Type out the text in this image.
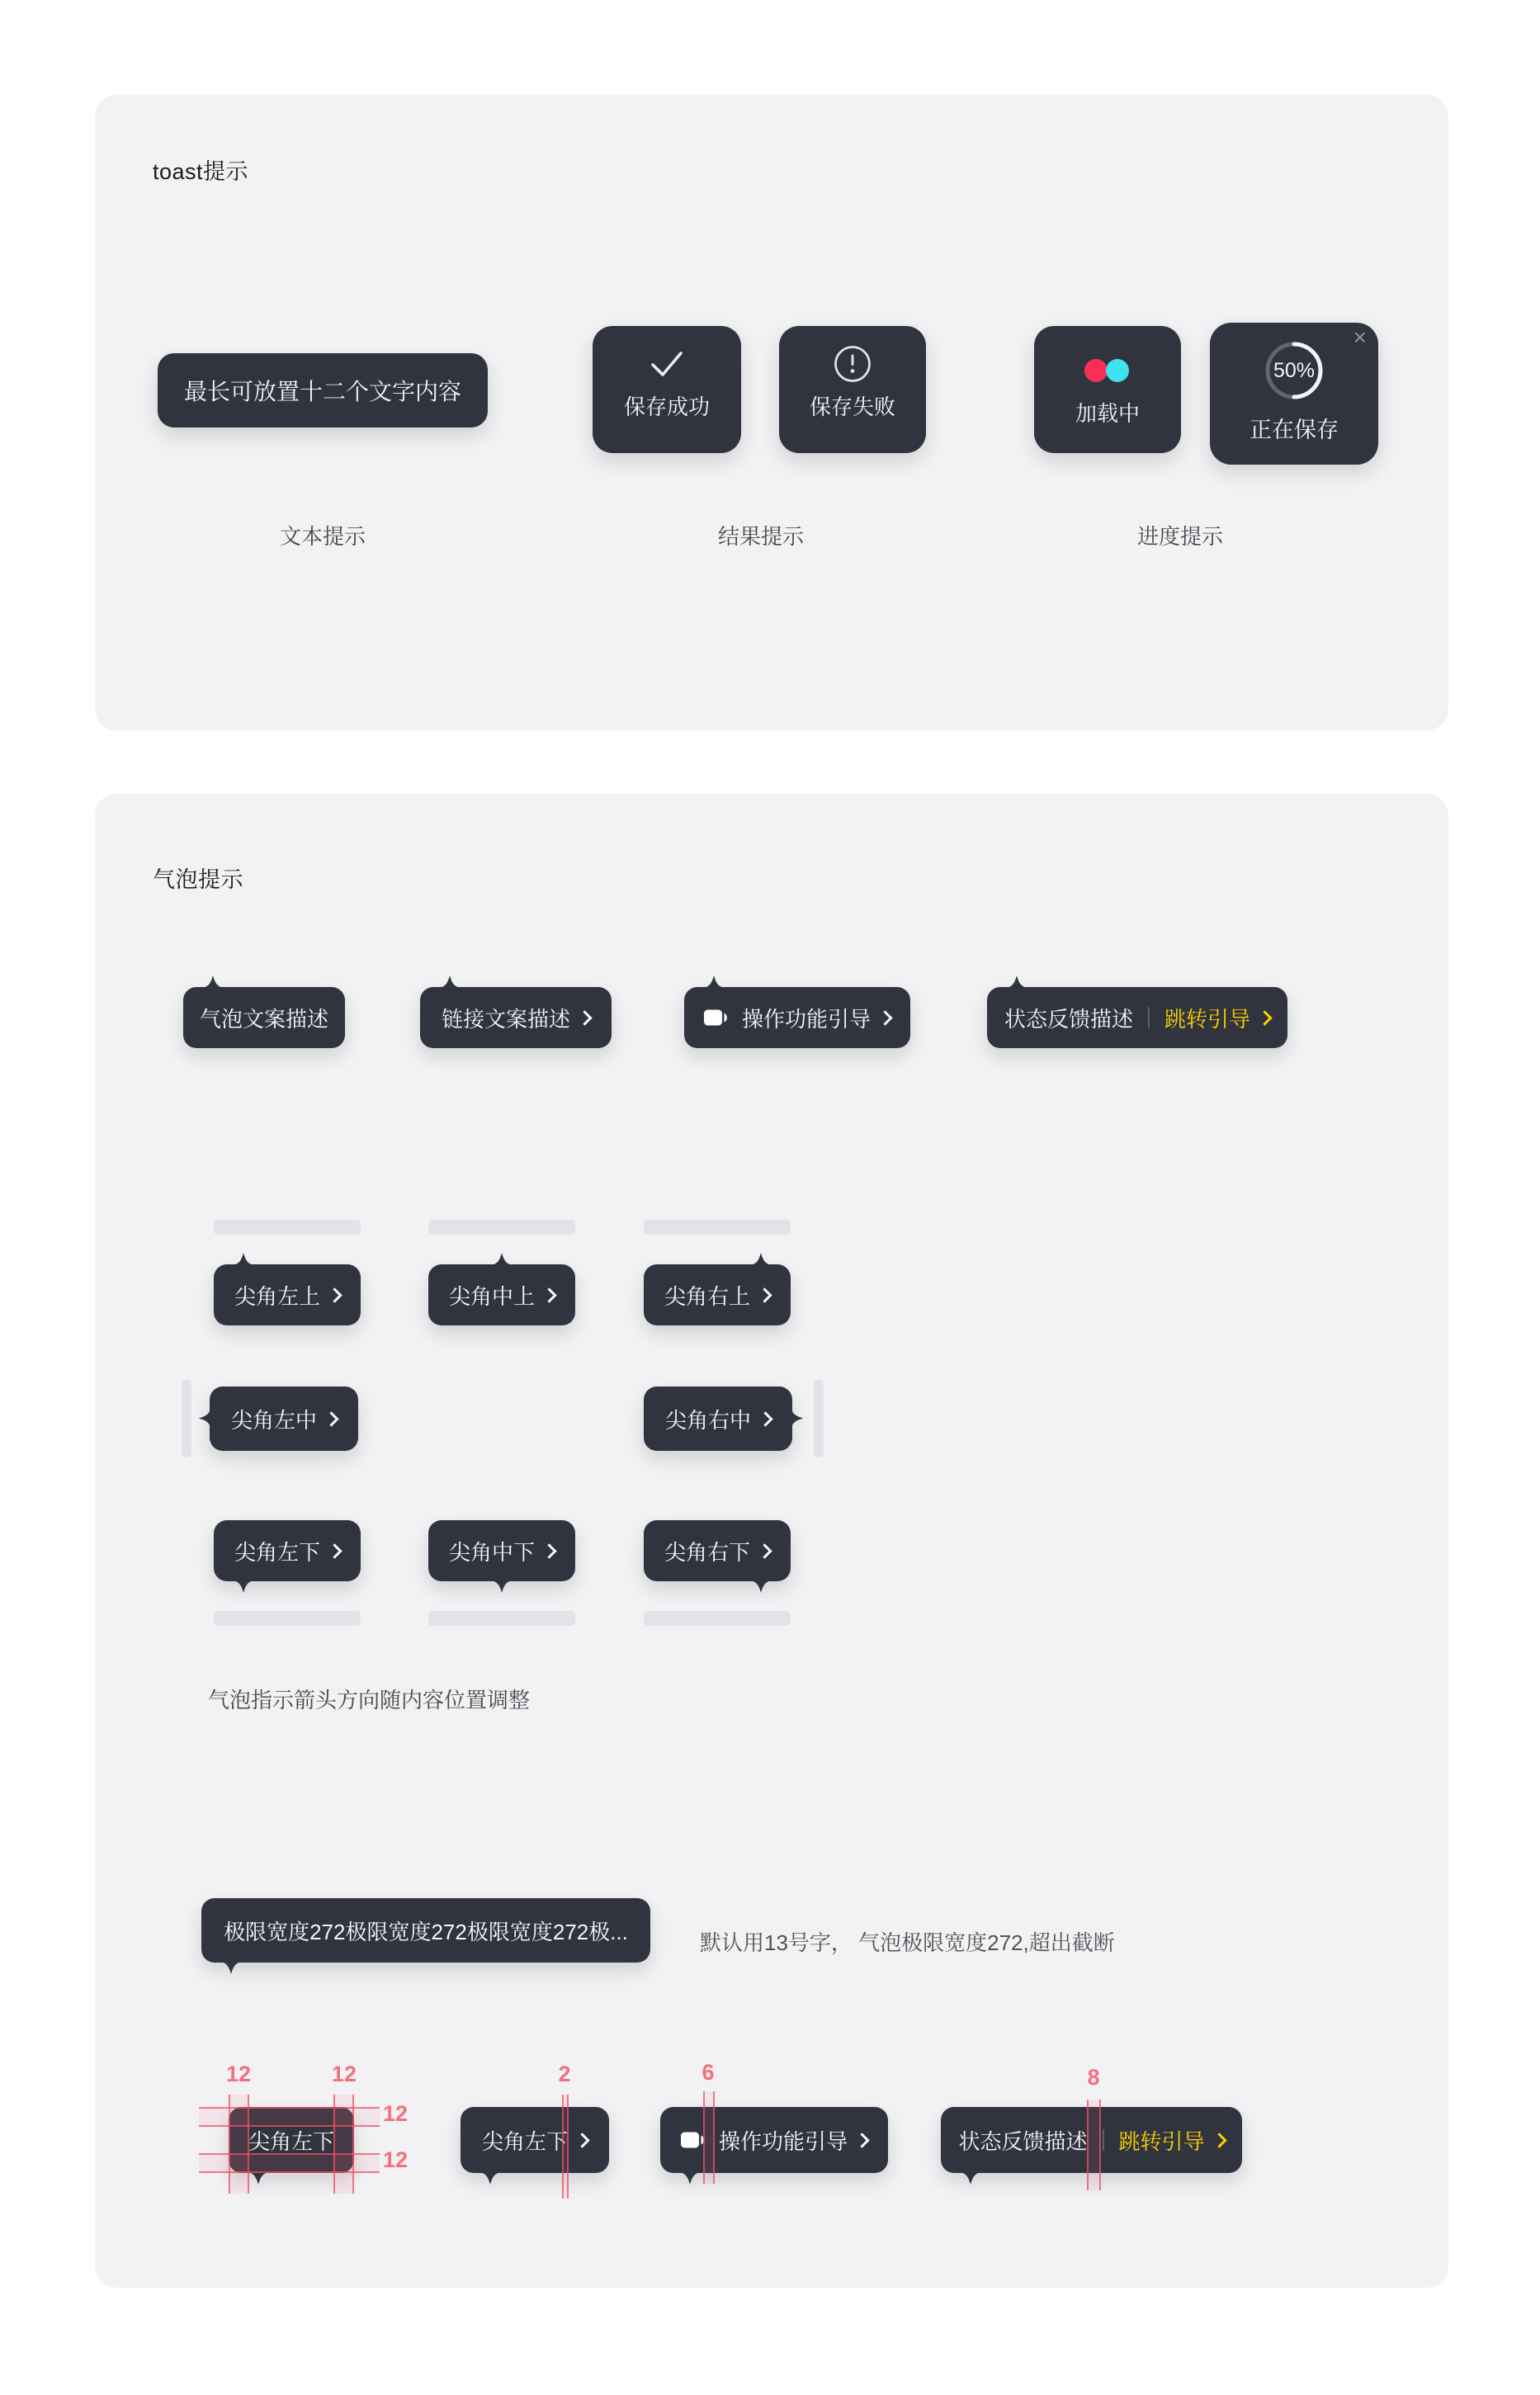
toast提示
最长可放置十二个文字内容
保存成功	保存失败	加载中
×
50%
正在保存
文本提示	结果提示	进度提示
气泡提示
气泡文案描述	链接文案描述	操作功能引导	状态反馈描述 跳转引导
尖角左上	尖角中上	尖角右上
尖角左中	尖角右中
尖角左下	尖角中下	尖角右下
气泡指示箭头方向随内容位置调整
极限宽度272极限宽度272极限宽度272极...	默认用13号字， 气泡极限宽度272,超出截断
尖角左下
12	12
12
12
尖角左下
2
操作功能引导
6
状态反馈描述 跳转引导
8
